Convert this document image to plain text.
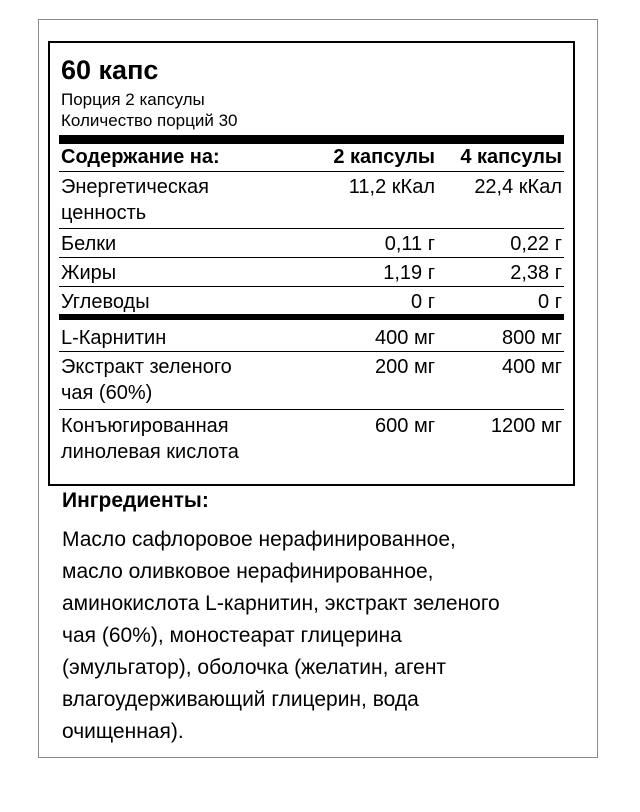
60 капс
Порция 2 капсулы
Количество порций 30
Содержание на:	2 капсулы 4 капсулы
Энергетическая
ценность
11,2 кКал 22,4 кКал
Белки	0,11 г	0,22 г
Жиры	1,19 г	2,38 г
Углеводы	0 г	0 г
L-Карнитин	400 мг	800 мг
Экстракт зеленого
чая (60%)
200 мг	400 мг
Конъюгированная
линолевая кислота
600 мг	1200 мг
Ингредиенты:
Масло сафлоровое нерафинированное,
масло оливковое нерафинированное,
аминокислота L-карнитин, экстракт зеленого
чая (60%), моностеарат глицерина
(эмульгатор), оболочка (желатин, агент
влагоудерживающий глицерин, вода
очищенная).
